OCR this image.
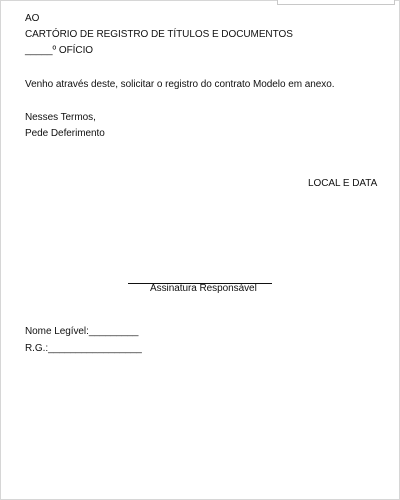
AO
CARTÓRIO DE REGISTRO DE TÍTULOS E DOCUMENTOS
_____º OFÍCIO
Venho através deste, solicitar o registro do contrato Modelo em anexo.
Nesses Termos,
Pede Deferimento
LOCAL E DATA
Assinatura Responsável
Nome Legível:_________
R.G.:_________________
